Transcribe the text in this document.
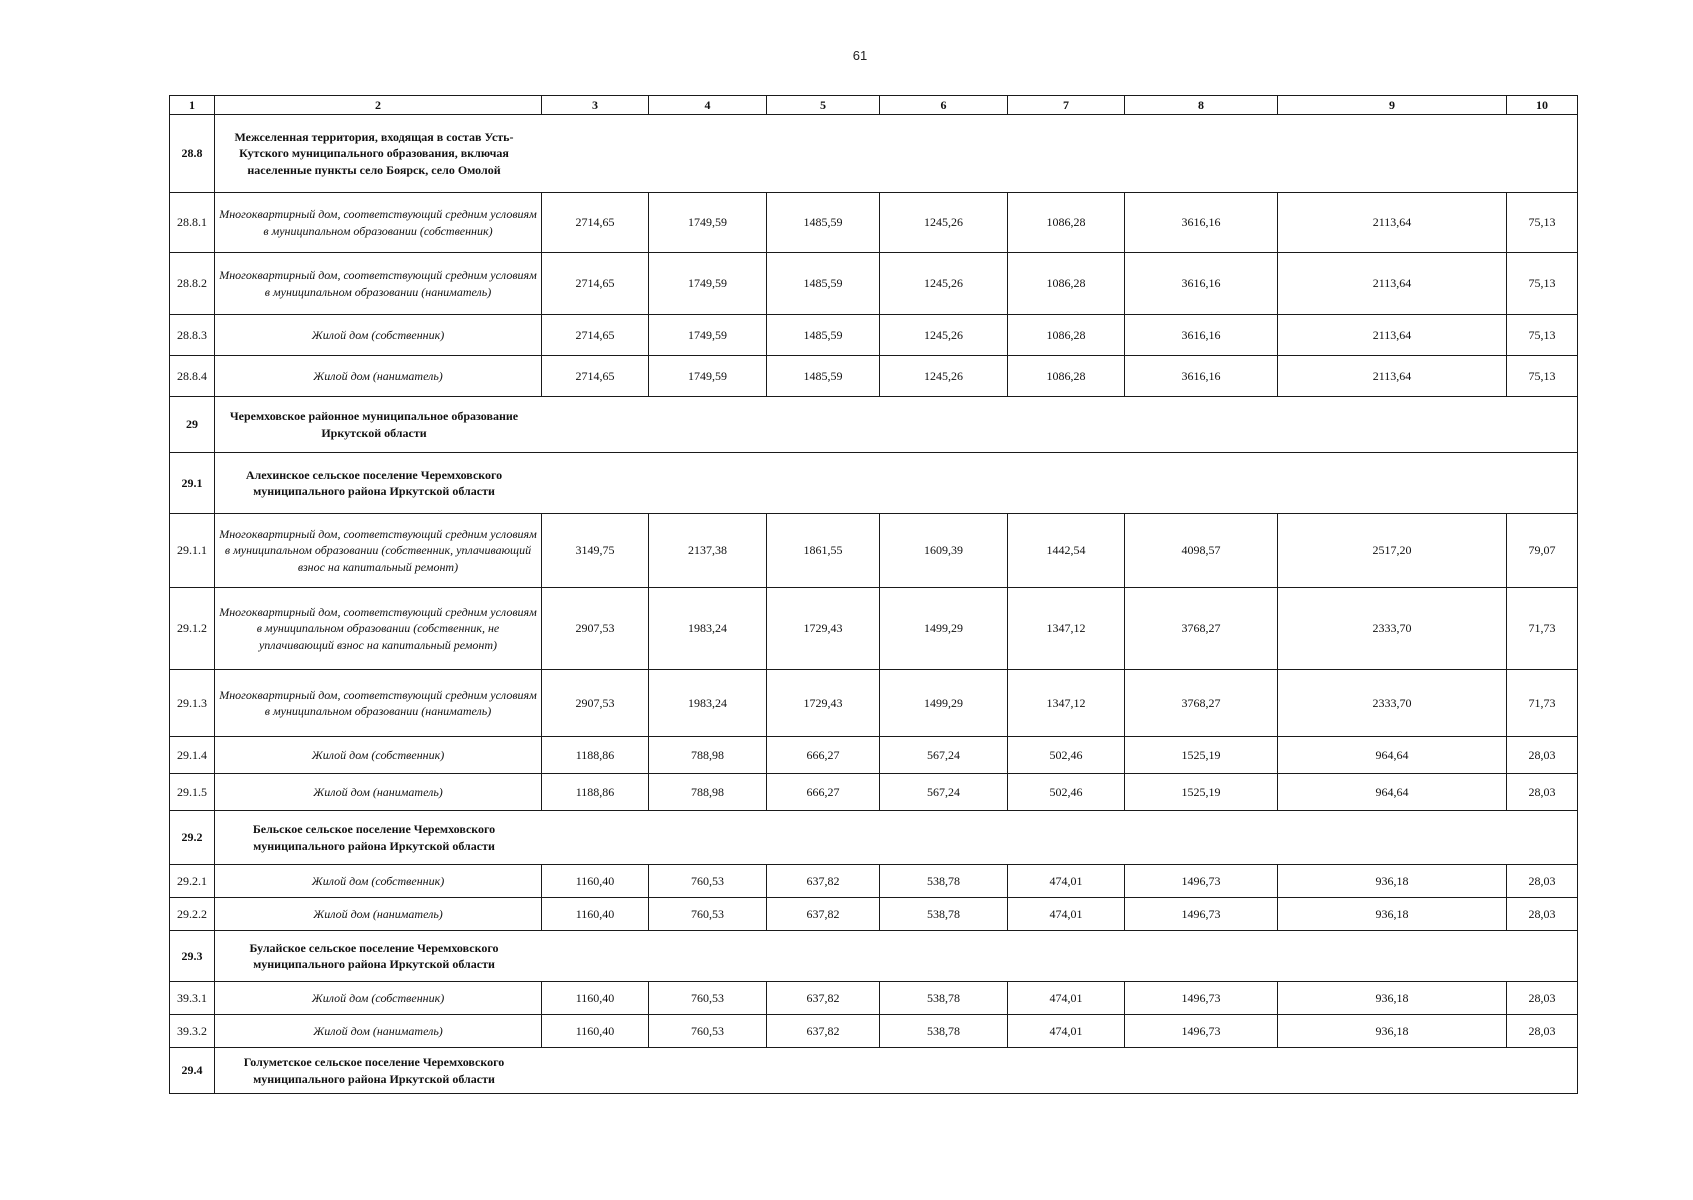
61
1	2	3	4	5	6	7	8	9	10
28.8	Межселенная территория, входящая в состав Усть-Кутского муниципального образования, включая населенные пункты село Боярск, село Омолой								

28.8.1	Многоквартирный дом, соответствующий средним условиям в муниципальном образовании (собственник)	2714,65	1749,59	1485,59	1245,26	1086,28	3616,16	2113,64	75,13
28.8.2	Многоквартирный дом, соответствующий средним условиям в муниципальном образовании (наниматель)	2714,65	1749,59	1485,59	1245,26	1086,28	3616,16	2113,64	75,13
28.8.3	Жилой дом (собственник)	2714,65	1749,59	1485,59	1245,26	1086,28	3616,16	2113,64	75,13
28.8.4	Жилой дом (наниматель)	2714,65	1749,59	1485,59	1245,26	1086,28	3616,16	2113,64	75,13
29	Черемховское районное муниципальное образование Иркутской области								

29.1	Алехинское сельское поселение Черемховского муниципального района Иркутской области								

29.1.1	Многоквартирный дом, соответствующий средним условиям в муниципальном образовании (собственник, уплачивающий взнос на капитальный ремонт)	3149,75	2137,38	1861,55	1609,39	1442,54	4098,57	2517,20	79,07
29.1.2	Многоквартирный дом, соответствующий средним условиям в муниципальном образовании (собственник, не уплачивающий взнос на капитальный ремонт)	2907,53	1983,24	1729,43	1499,29	1347,12	3768,27	2333,70	71,73
29.1.3	Многоквартирный дом, соответствующий средним условиям в муниципальном образовании (наниматель)	2907,53	1983,24	1729,43	1499,29	1347,12	3768,27	2333,70	71,73
29.1.4	Жилой дом (собственник)	1188,86	788,98	666,27	567,24	502,46	1525,19	964,64	28,03
29.1.5	Жилой дом (наниматель)	1188,86	788,98	666,27	567,24	502,46	1525,19	964,64	28,03
29.2	Бельское сельское поселение Черемховского муниципального района Иркутской области								

29.2.1	Жилой дом (собственник)	1160,40	760,53	637,82	538,78	474,01	1496,73	936,18	28,03
29.2.2	Жилой дом (наниматель)	1160,40	760,53	637,82	538,78	474,01	1496,73	936,18	28,03
29.3	Булайское сельское поселение Черемховского муниципального района Иркутской области								

39.3.1	Жилой дом (собственник)	1160,40	760,53	637,82	538,78	474,01	1496,73	936,18	28,03
39.3.2	Жилой дом (наниматель)	1160,40	760,53	637,82	538,78	474,01	1496,73	936,18	28,03
29.4	Голуметское сельское поселение Черемховского муниципального района Иркутской области								
